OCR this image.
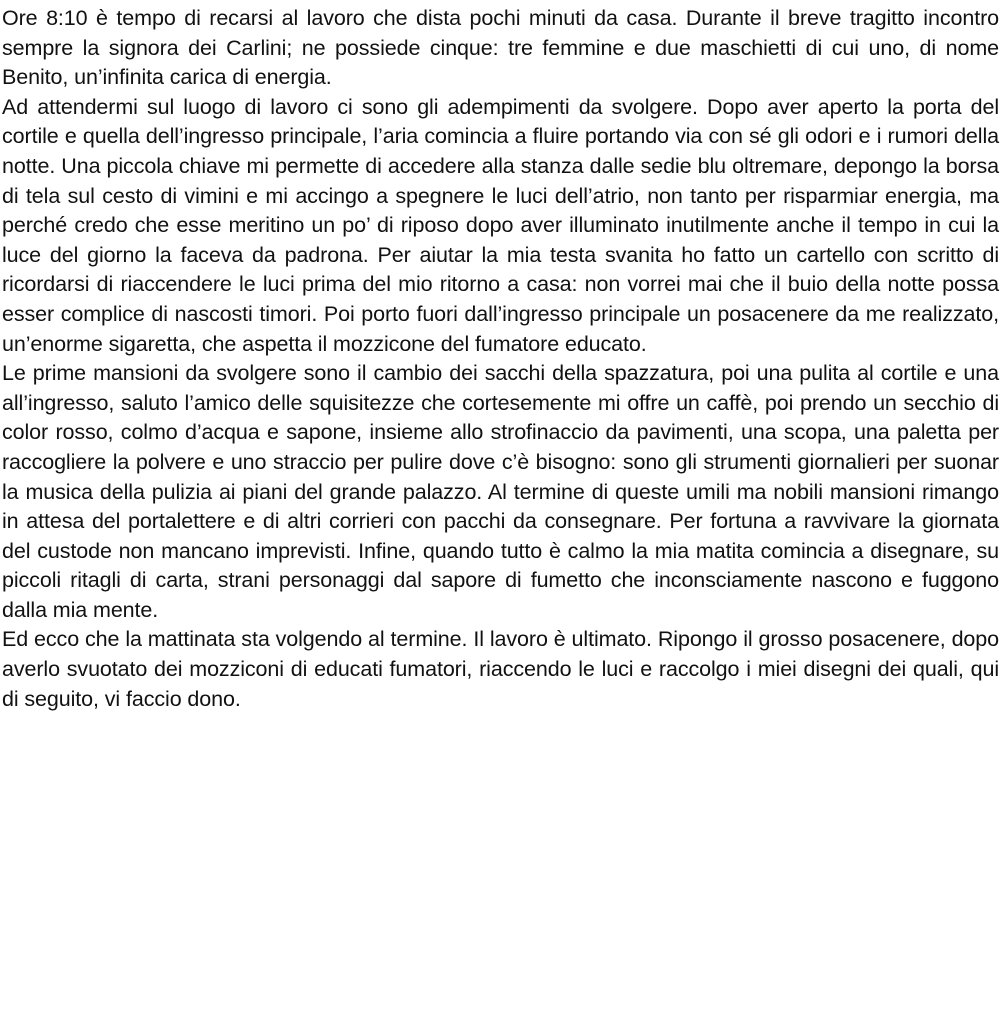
Ore 8:10 è tempo di recarsi al lavoro che dista pochi minuti da casa. Durante il breve tragitto incontro sempre la signora dei Carlini; ne possiede cinque: tre femmine e due maschietti di cui uno, di nome Benito, un’infinita carica di energia.

Ad attendermi sul luogo di lavoro ci sono gli adempimenti da svolgere. Dopo aver aperto la porta del cortile e quella dell’ingresso principale, l’aria comincia a fluire portando via con sé gli odori e i rumori della notte. Una piccola chiave mi permette di accedere alla stanza dalle sedie blu oltremare, depongo la borsa di tela sul cesto di vimini e mi accingo a spegnere le luci dell’atrio, non tanto per risparmiar energia, ma perché credo che esse meritino un po’ di riposo dopo aver illuminato inutilmente anche il tempo in cui la luce del giorno la faceva da padrona. Per aiutar la mia testa svanita ho fatto un cartello con scritto di ricordarsi di riaccendere le luci prima del mio ritorno a casa: non vorrei mai che il buio della notte possa esser complice di nascosti timori. Poi porto fuori dall’ingresso principale un posacenere da me realizzato, un’enorme sigaretta, che aspetta il mozzicone del fumatore educato.

Le prime mansioni da svolgere sono il cambio dei sacchi della spazzatura, poi una pulita al cortile e una all’ingresso, saluto l’amico delle squisitezze che cortesemente mi offre un caffè, poi prendo un secchio di color rosso, colmo d’acqua e sapone, insieme allo strofinaccio da pavimenti, una scopa, una paletta per raccogliere la polvere e uno straccio per pulire dove c’è bisogno: sono gli strumenti giornalieri per suonar la musica della pulizia ai piani del grande palazzo. Al termine di queste umili ma nobili mansioni rimango in attesa del portalettere e di altri corrieri con pacchi da consegnare. Per fortuna a ravvivare la giornata del custode non mancano imprevisti. Infine, quando tutto è calmo la mia matita comincia a disegnare, su piccoli ritagli di carta, strani personaggi dal sapore di fumetto che inconsciamente nascono e fuggono dalla mia mente.

Ed ecco che la mattinata sta volgendo al termine. Il lavoro è ultimato. Ripongo il grosso posacenere, dopo averlo svuotato dei mozziconi di educati fumatori, riaccendo le luci e raccolgo i miei disegni dei quali, qui di seguito, vi faccio dono.
